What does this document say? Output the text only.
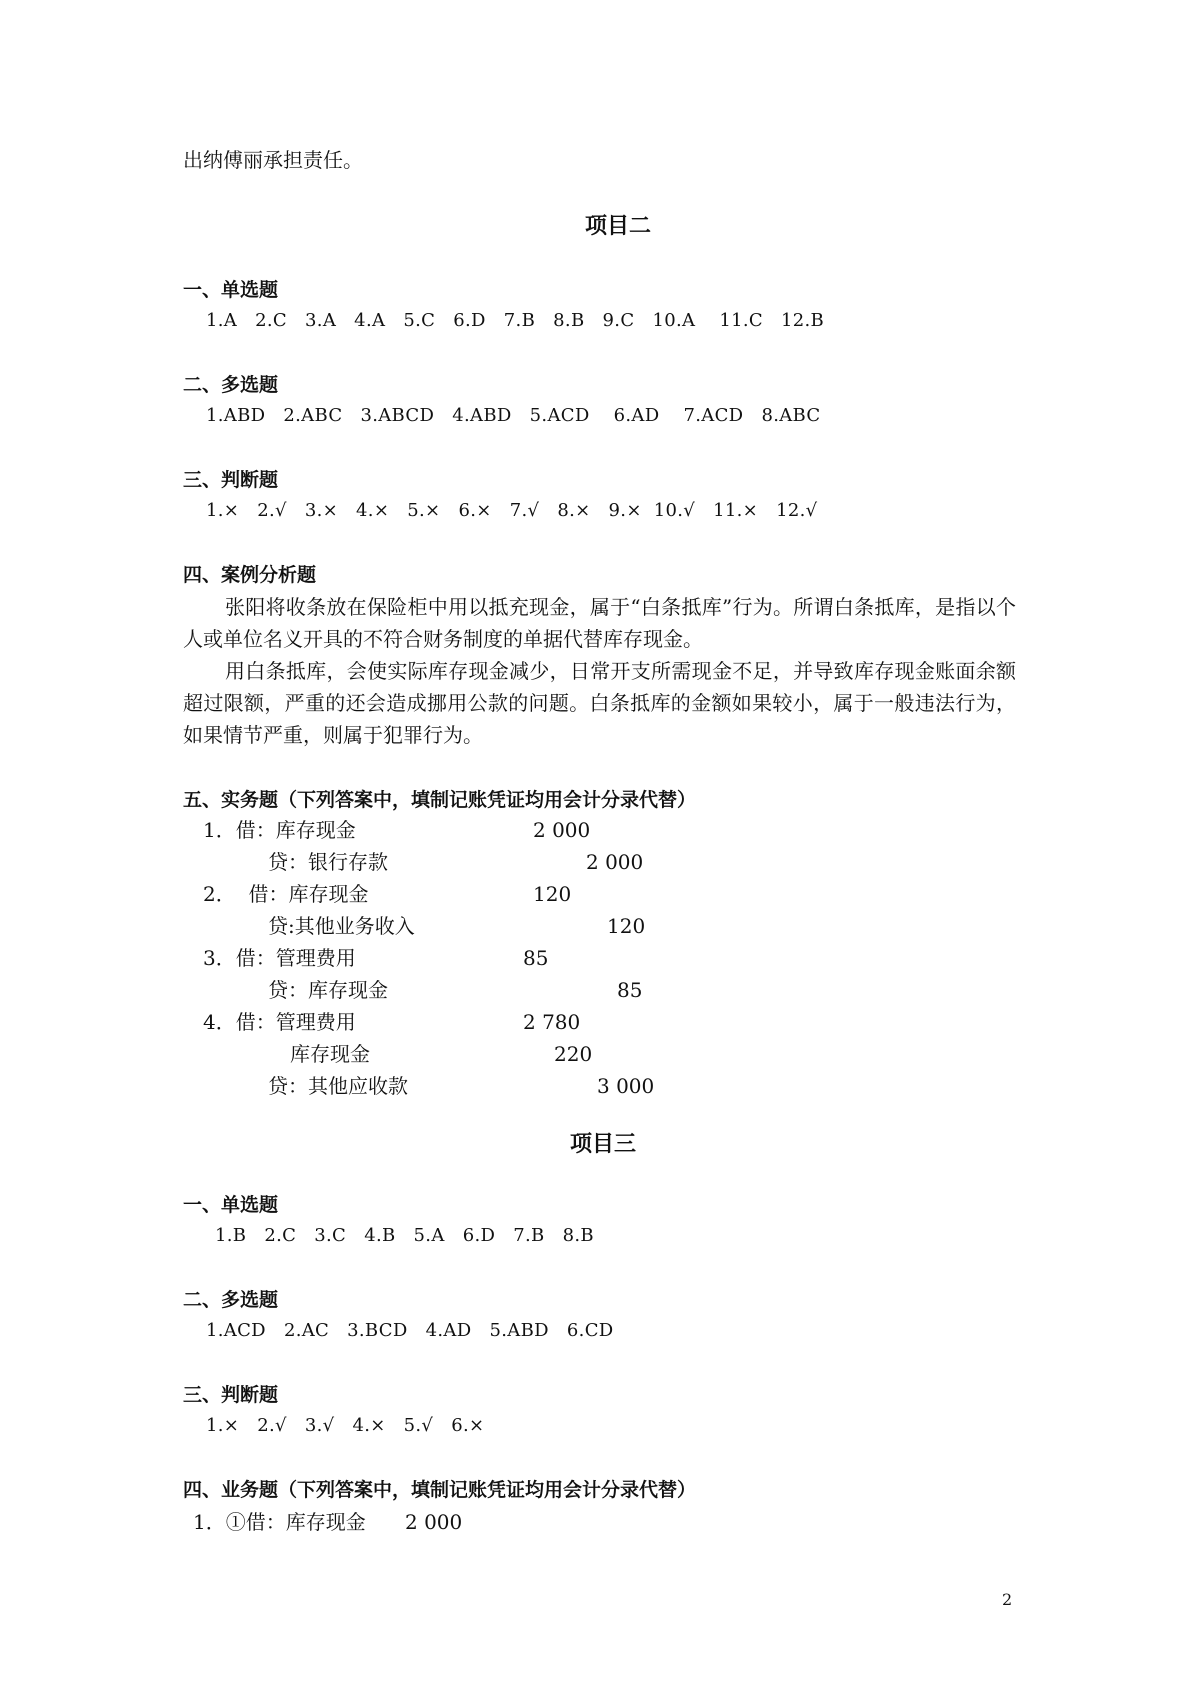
出纳傅丽承担责任。
项目二
一、单选题
1.A   2.C   3.A   4.A   5.C   6.D   7.B   8.B   9.C   10.A    11.C   12.B
二、多选题
1.ABD   2.ABC   3.ABCD   4.ABD   5.ACD    6.AD    7.ACD   8.ABC
三、判断题
1.×   2.√   3.×   4.×   5.×   6.×   7.√   8.×   9.×  10.√   11.×   12.√
四、案例分析题
张阳将收条放在保险柜中用以抵充现金，属于“白条抵库”行为。所谓白条抵库，是指以个人或单位名义开具的不符合财务制度的单据代替库存现金。
用白条抵库，会使实际库存现金减少，日常开支所需现金不足，并导致库存现金账面余额超过限额，严重的还会造成挪用公款的问题。白条抵库的金额如果较小，属于一般违法行为，如果情节严重，则属于犯罪行为。
五、实务题（下列答案中，填制记账凭证均用会计分录代替）
1．借：库存现金	2 000
贷：银行存款	2 000
2．  借：库存现金	120
贷:其他业务收入	120
3．借：管理费用	85
贷：库存现金	85
4．借：管理费用	2 780
库存现金	220
贷：其他应收款	3 000
项目三
一、单选题
1.B   2.C   3.C   4.B   5.A   6.D   7.B   8.B
二、多选题
1.ACD   2.AC   3.BCD   4.AD   5.ABD   6.CD
三、判断题
1.×   2.√   3.√   4.×   5.√   6.×
四、业务题（下列答案中，填制记账凭证均用会计分录代替）
1．①借：库存现金 2 000
2
